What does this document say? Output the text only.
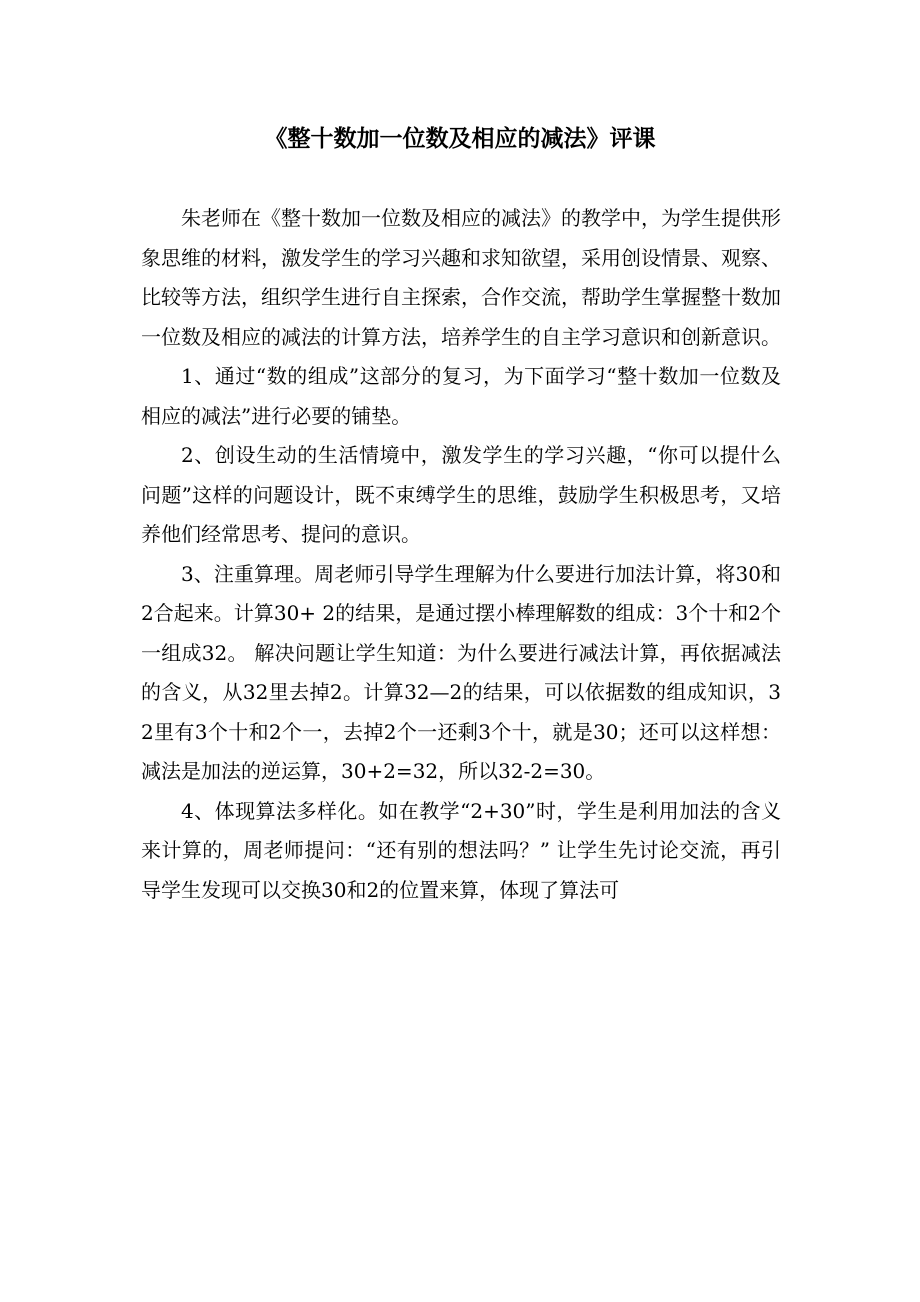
《整十数加一位数及相应的减法》评课

朱老师在《整十数加一位数及相应的减法》的教学中，为学生提供形象思维的材料，激发学生的学习兴趣和求知欲望，采用创设情景、观察、比较等方法，组织学生进行自主探索，合作交流，帮助学生掌握整十数加一位数及相应的减法的计算方法，培养学生的自主学习意识和创新意识。

1、通过“数的组成”这部分的复习，为下面学习“整十数加一位数及相应的减法”进行必要的铺垫。

2、创设生动的生活情境中，激发学生的学习兴趣，“你可以提什么问题”这样的问题设计，既不束缚学生的思维，鼓励学生积极思考，又培养他们经常思考、提问的意识。

3、注重算理。周老师引导学生理解为什么要进行加法计算，将30和2合起来。计算30+ 2的结果，是通过摆小棒理解数的组成：3个十和2个一组成32。 解决问题让学生知道：为什么要进行减法计算，再依据减法的含义，从32里去掉2。计算32—2的结果，可以依据数的组成知识，32里有3个十和2个一，去掉2个一还剩3个十，就是30；还可以这样想：减法是加法的逆运算，30+2=32，所以32-2=30。

4、体现算法多样化。如在教学“2+30”时，学生是利用加法的含义来计算的，周老师提问：“还有别的想法吗？” 让学生先讨论交流，再引导学生发现可以交换30和2的位置来算，体现了算法可
